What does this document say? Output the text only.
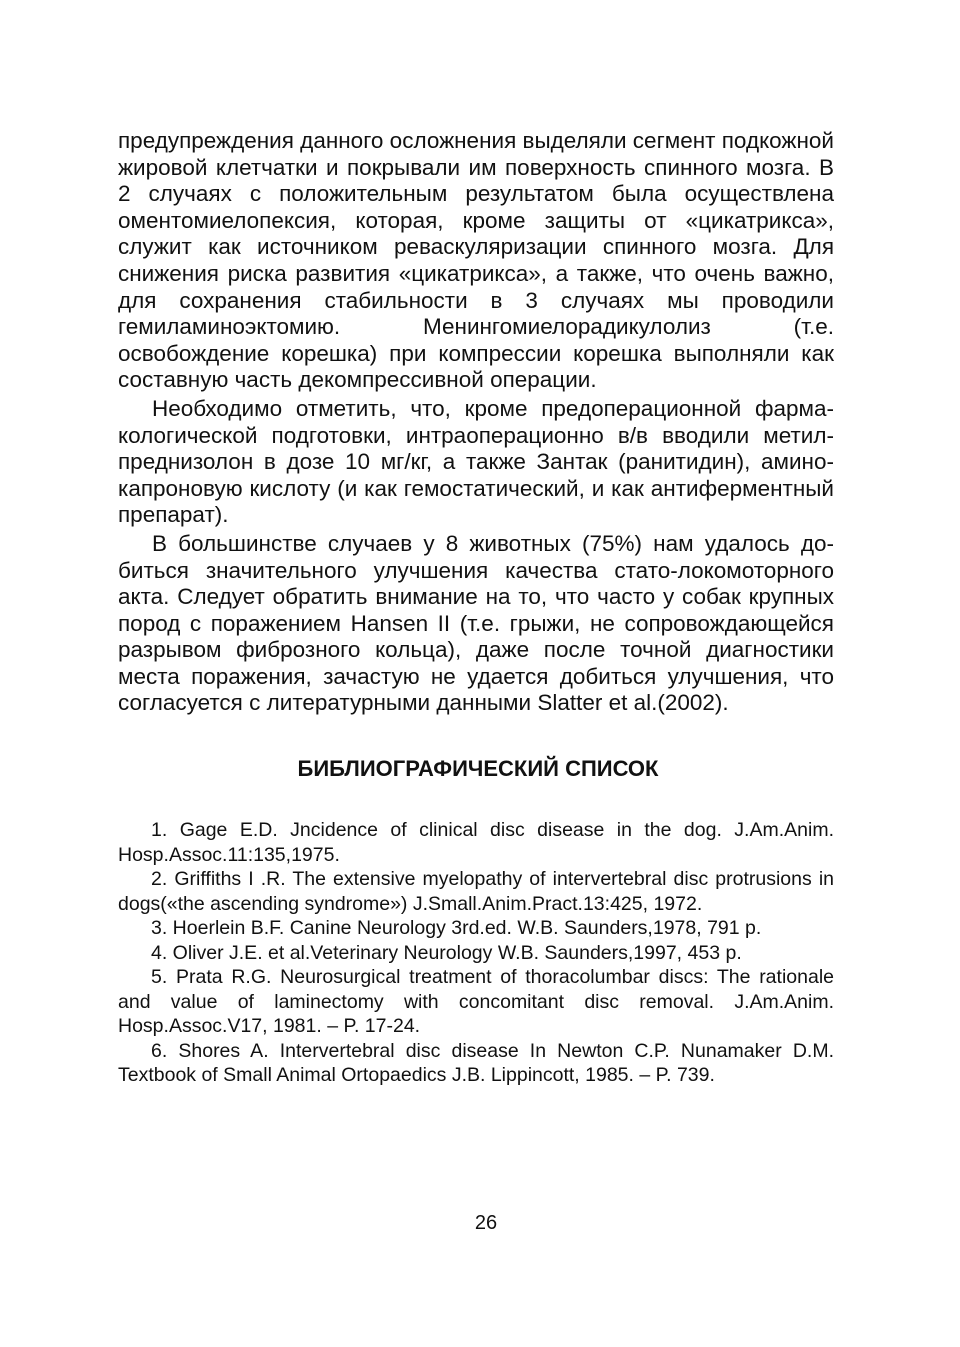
предупреждения данного осложнения выделяли сегмент подкожной жировой клетчатки и покрывали им поверхность спинного мозга. В 2 случаях с положительным результатом была осуществлена оментомиелопексия, которая, кроме защиты от «цикатрикса», служит как источником реваскуляризации спинного мозга. Для снижения риска развития «цикатрикса», а также, что очень важно, для сохранения стабильности в 3 случаях мы проводили гемиламиноэктомию. Менингомиелорадикулолиз (т.е. освобождение корешка) при компрессии корешка выполняли как составную часть декомпрессивной операции.

Необходимо отметить, что, кроме предоперационной фармакологической подготовки, интраоперационно в/в вводили метилпреднизолон в дозе 10 мг/кг, а также Зантак (ранитидин), аминокапроновую кислоту (и как гемостатический, и как антиферментный препарат).

В большинстве случаев у 8 животных (75%) нам удалось добиться значительного улучшения качества стато-локомоторного акта. Следует обратить внимание на то, что часто у собак крупных пород с поражением Hansen II (т.е. грыжи, не сопровождающейся разрывом фиброзного кольца), даже после точной диагностики места поражения, зачастую не удается добиться улучшения, что согласуется с литературными данными Slatter et al.(2002).

БИБЛИОГРАФИЧЕСКИЙ СПИСОК
1. Gage E.D. Jncidence of clinical disc disease in the dog. J.Am.Anim. Hosp.Assoc.11:135,1975.
2. Griffiths I .R. The extensive myelopathy of intervertebral disc protrusions in dogs(«the ascending syndrome») J.Small.Anim.Pract.13:425, 1972.
3. Hoerlein B.F. Canine Neurology 3rd.ed. W.B. Saunders,1978, 791 p.
4. Oliver J.E. et al.Veterinary Neurology W.B. Saunders,1997, 453 p.
5. Prata R.G. Neurosurgical treatment of thoracolumbar discs: The rationale and value of laminectomy with concomitant disc removal. J.Am.Anim. Hosp.Assoc.V17, 1981. – P. 17-24.
6. Shores A. Intervertebral disc disease In Newton C.P. Nunamaker D.M. Textbook of Small Animal Ortopaedics J.B. Lippincott, 1985. – P. 739.
26
